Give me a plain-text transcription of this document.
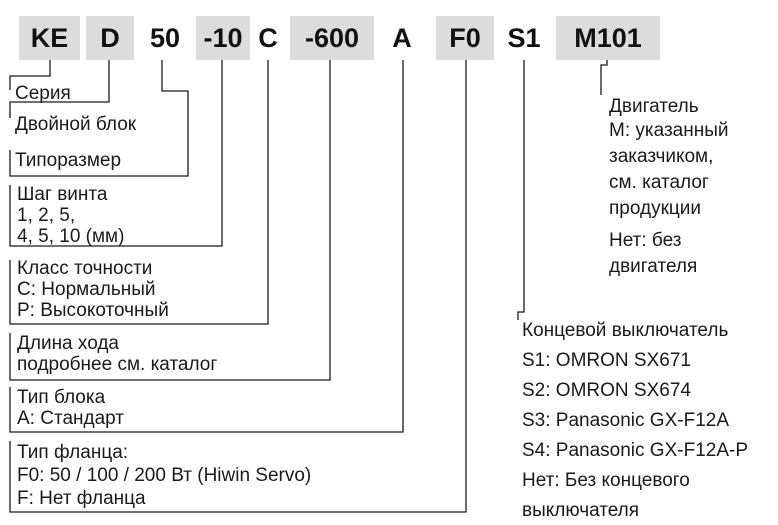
KE	D	50 -10 C	-600	A	F0 S1	M101
Серия
Двойной блок
Типоразмер
Шаг винта
1, 2, 5,
4, 5, 10 (мм)
Класс точности
C: Нормальный
P: Высокоточный
Длина хода
подробнее см. каталог
Тип блока
A: Стандарт
Тип фланца:
F0: 50 / 100 / 200 Вт (Hiwin Servo)
F: Нет фланца
Двигатель
М: указанный
заказчиком,
см. каталог
продукции
Нет: без
двигателя
Концевой выключатель
S1: OMRON SX671
S2: OMRON SX674
S3: Panasonic GX-F12A
S4: Panasonic GX-F12A-P
Нет: Без концевого
выключателя
